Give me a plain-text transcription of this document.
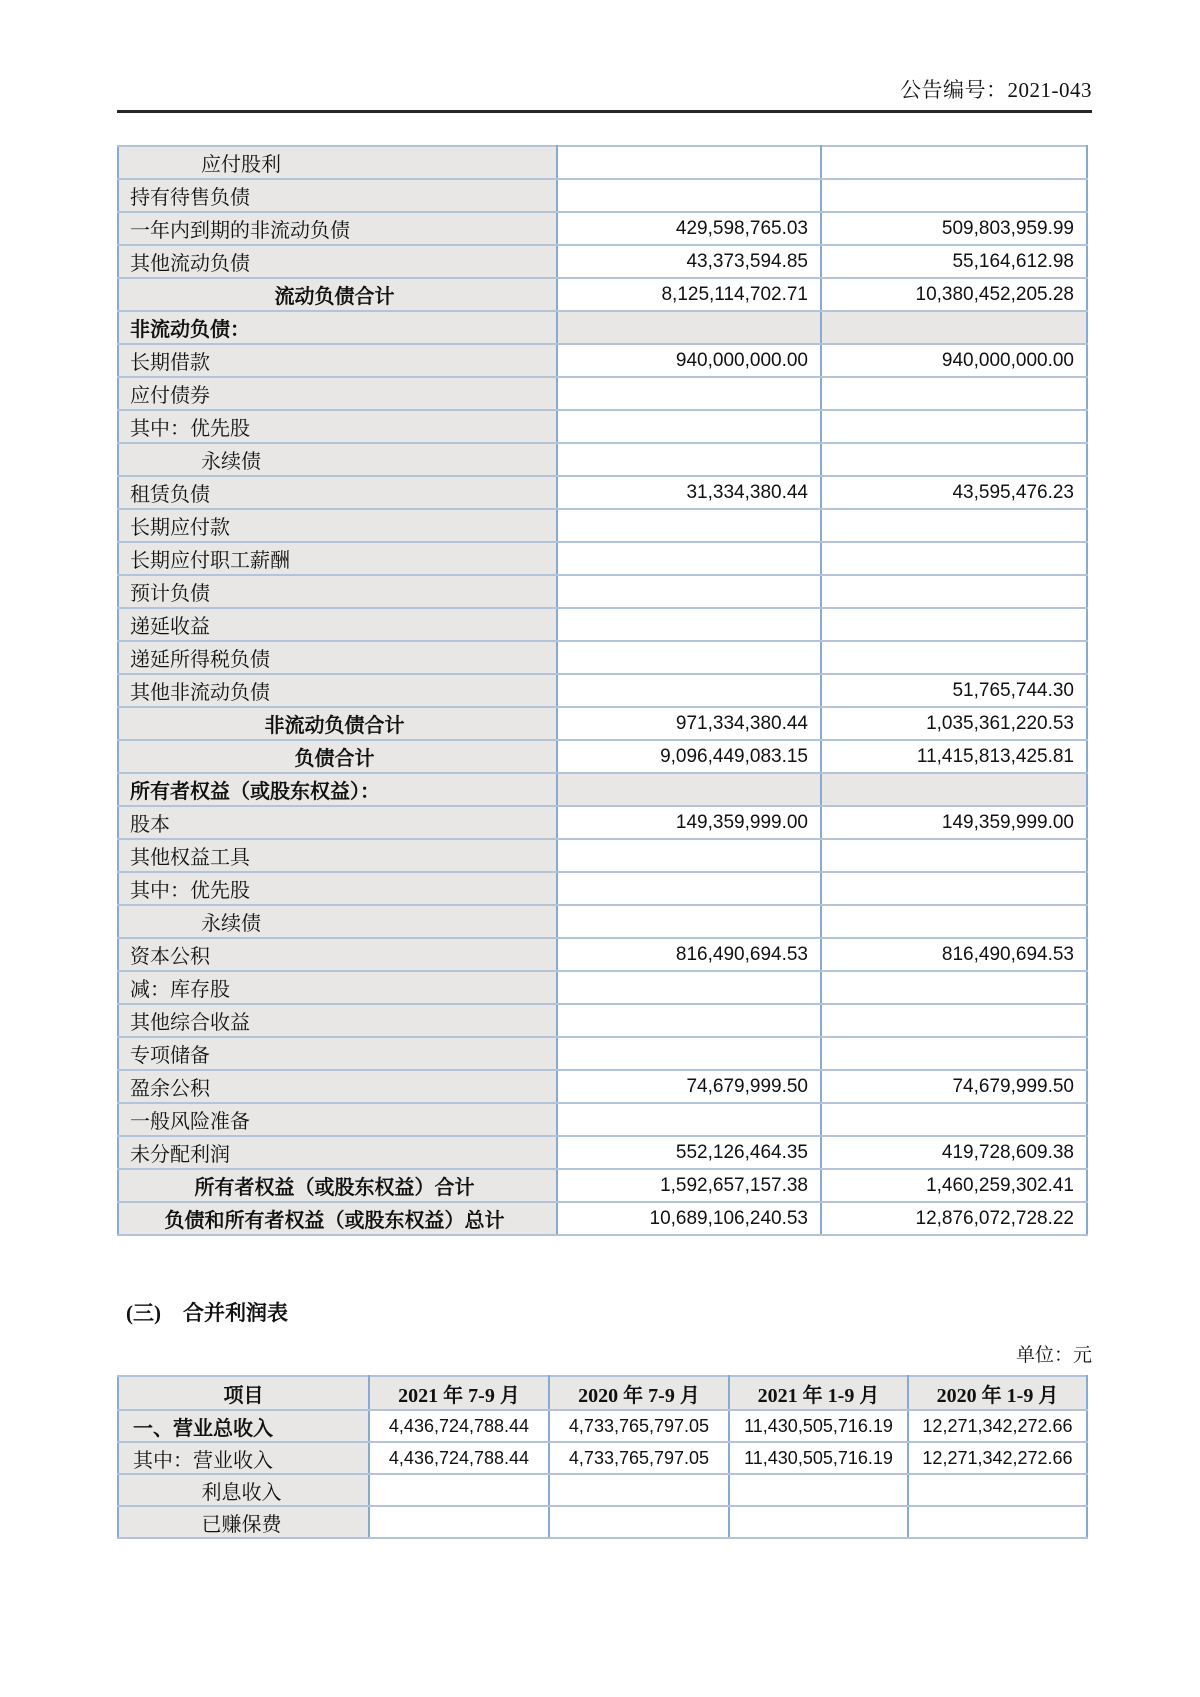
公告编号：2021-043
应付股利		
持有待售负债		
一年内到期的非流动负债	429,598,765.03	509,803,959.99
其他流动负债	43,373,594.85	55,164,612.98
流动负债合计	8,125,114,702.71	10,380,452,205.28
非流动负债：		
长期借款	940,000,000.00	940,000,000.00
应付债券		
其中：优先股		
永续债		
租赁负债	31,334,380.44	43,595,476.23
长期应付款		
长期应付职工薪酬		
预计负债		
递延收益		
递延所得税负债		
其他非流动负债		51,765,744.30
非流动负债合计	971,334,380.44	1,035,361,220.53
负债合计	9,096,449,083.15	11,415,813,425.81
所有者权益（或股东权益）：		
股本	149,359,999.00	149,359,999.00
其他权益工具		
其中：优先股		
永续债		
资本公积	816,490,694.53	816,490,694.53
减：库存股		
其他综合收益		
专项储备		
盈余公积	74,679,999.50	74,679,999.50
一般风险准备		
未分配利润	552,126,464.35	419,728,609.38
所有者权益（或股东权益）合计	1,592,657,157.38	1,460,259,302.41
负债和所有者权益（或股东权益）总计	10,689,106,240.53	12,876,072,728.22
(三) 合并利润表
单位：元
项目	2021 年 7-9 月	2020 年 7-9 月	2021 年 1-9 月	2020 年 1-9 月
一、营业总收入	4,436,724,788.44	4,733,765,797.05	11,430,505,716.19	12,271,342,272.66
其中：营业收入	4,436,724,788.44	4,733,765,797.05	11,430,505,716.19	12,271,342,272.66
利息收入				
已赚保费				
